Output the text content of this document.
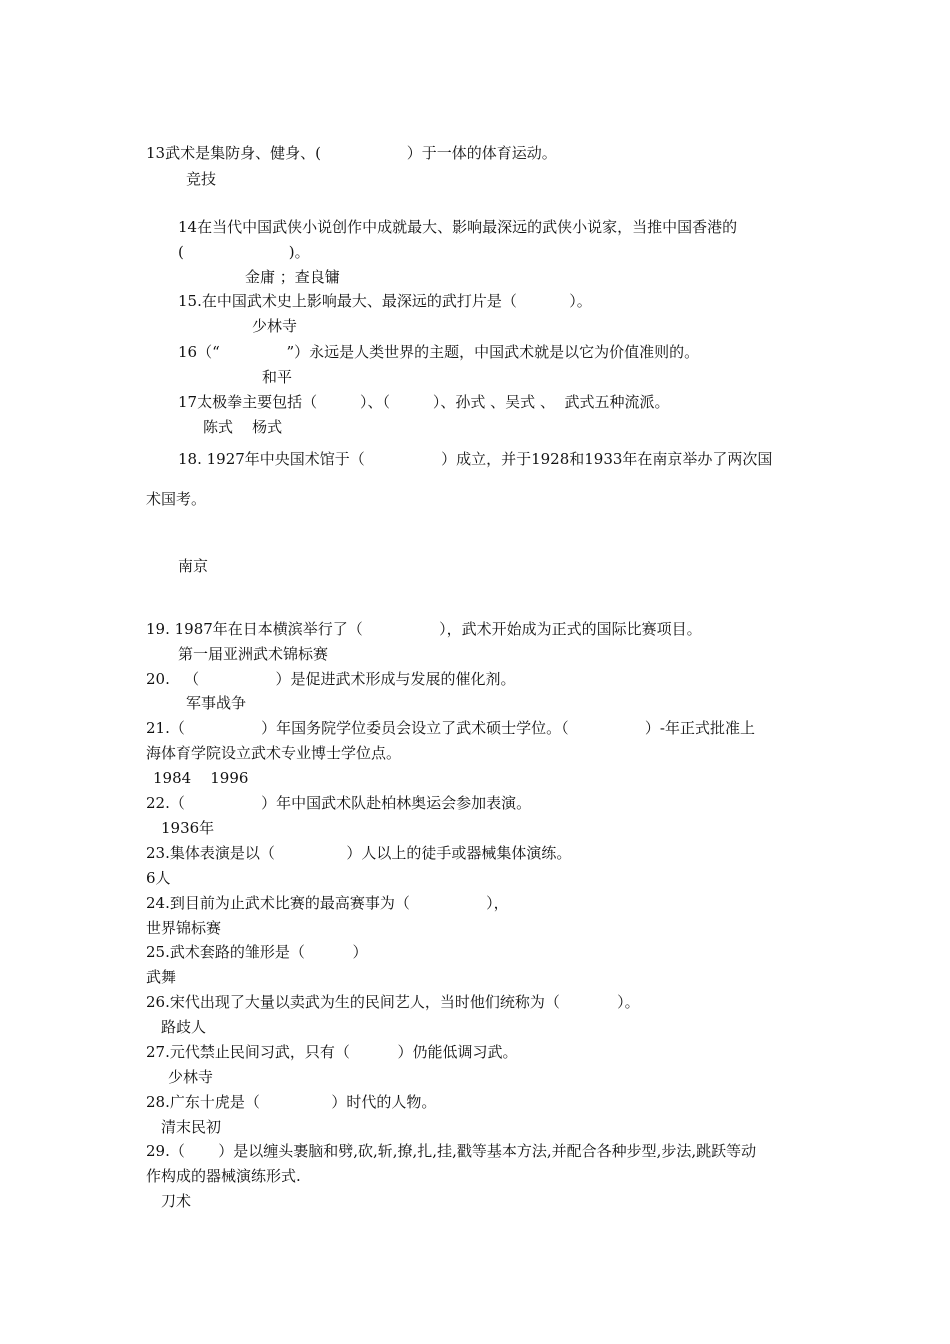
13武术是集防身、健身、(                  ）于一体的体育运动。
竞技
14在当代中国武侠小说创作中成就最大、影响最深远的武侠小说家，当推中国香港的
(                      )。
金庸 ；查良镛
15.在中国武术史上影响最大、最深远的武打片是（           ）。
少林寺
16（“              ”）永远是人类世界的主题，中国武术就是以它为价值准则的。
和平
17太极拳主要包括（         ）、（         ）、孙式 、吴式 、  武式五种流派。
陈式    杨式
18. 1927年中央国术馆于（                ）成立，并于1928和1933年在南京举办了两次国
术国考。
南京
19. 1987年在日本横滨举行了（                ），武术开始成为正式的国际比赛项目。
第一届亚洲武术锦标赛
20.   （                ）是促进武术形成与发展的催化剂。
军事战争
21.（                ）年国务院学位委员会设立了武术硕士学位。（                ）-年正式批准上
海体育学院设立武术专业博士学位点。
1984    1996
22.（                ）年中国武术队赴柏林奥运会参加表演。
1936年
23.集体表演是以（               ）人以上的徒手或器械集体演练。
6人
24.到目前为止武术比赛的最高赛事为（                ），
世界锦标赛
25.武术套路的雏形是（          ）
武舞
26.宋代出现了大量以卖武为生的民间艺人，当时他们统称为（            ）。
路歧人
27.元代禁止民间习武，只有（          ）仍能低调习武。
少林寺
28.广东十虎是（               ）时代的人物。
清末民初
29.（       ）是以缠头裹脑和劈,砍,斩,撩,扎,挂,戳等基本方法,并配合各种步型,步法,跳跃等动
作构成的器械演练形式.
刀术
